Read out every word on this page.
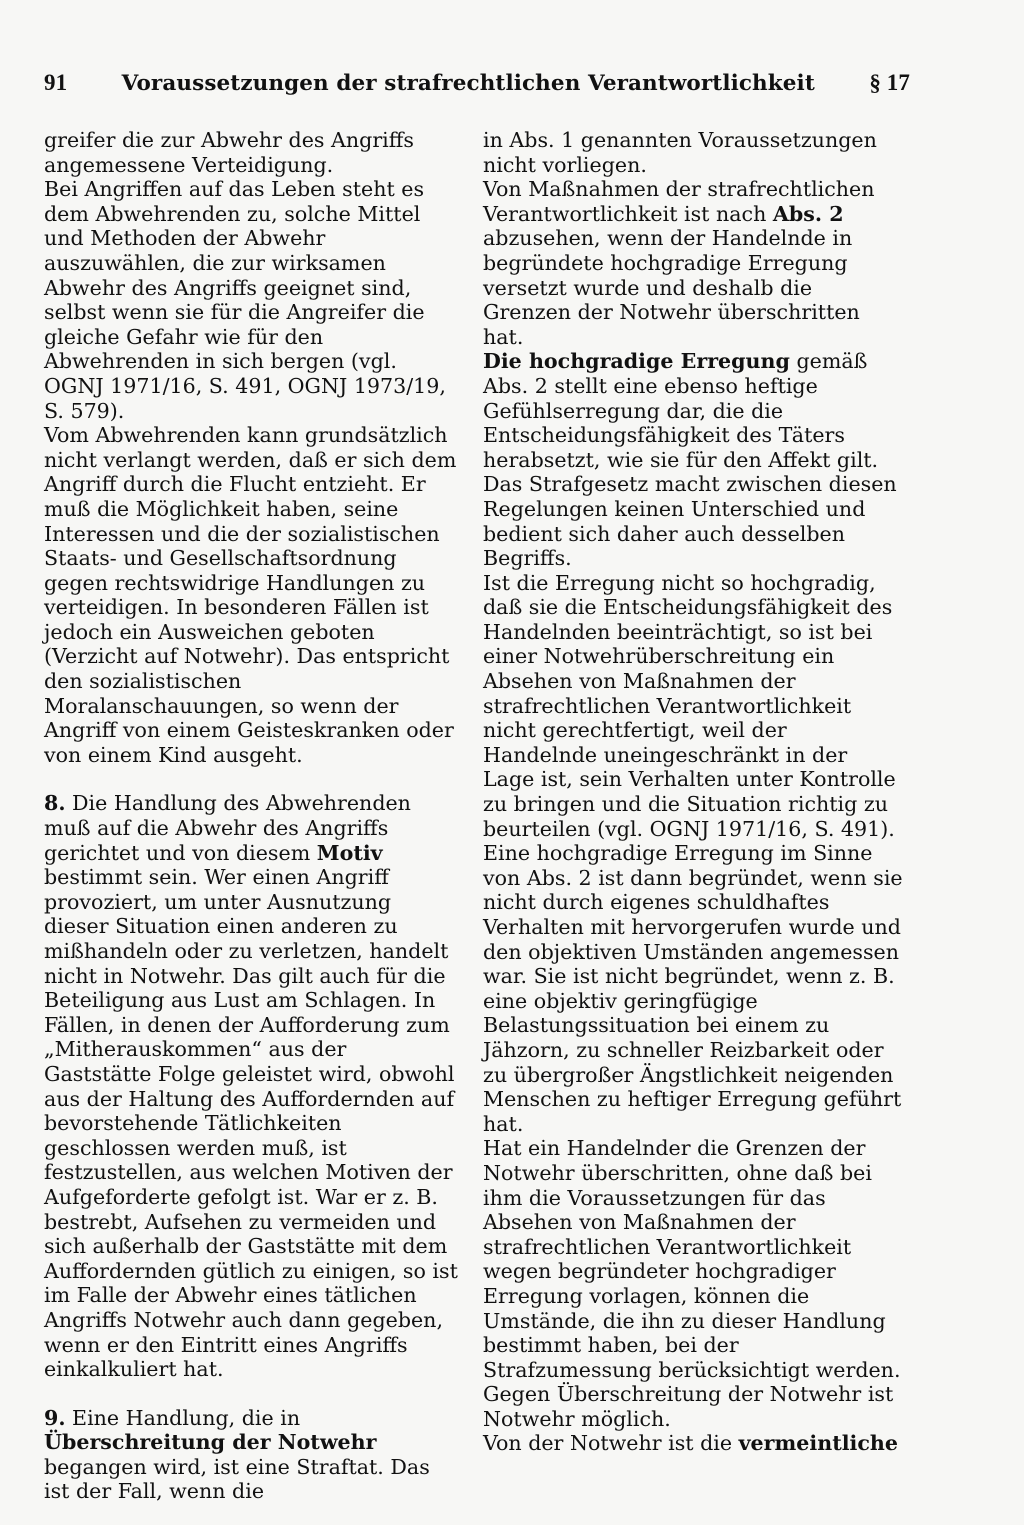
91	Voraussetzungen der strafrechtlichen Verantwortlichkeit § 17

greifer die zur Abwehr des Angriffs angemessene Verteidigung.

Bei Angriffen auf das Leben steht es dem Abwehrenden zu, solche Mittel und Methoden der Abwehr auszuwählen, die zur wirksamen Abwehr des Angriffs geeignet sind, selbst wenn sie für die Angreifer die gleiche Gefahr wie für den Abwehrenden in sich bergen (vgl. OGNJ 1971/16, S. 491, OGNJ 1973/19, S. 579).

Vom Abwehrenden kann grundsätzlich nicht verlangt werden, daß er sich dem Angriff durch die Flucht entzieht. Er muß die Möglichkeit haben, seine Interessen und die der sozialistischen Staats- und Gesellschaftsordnung gegen rechtswidrige Handlungen zu verteidigen. In besonderen Fällen ist jedoch ein Ausweichen geboten (Verzicht auf Notwehr). Das entspricht den sozialistischen Moralanschauungen, so wenn der Angriff von einem Geisteskranken oder von einem Kind ausgeht.

8. Die Handlung des Abwehrenden muß auf die Abwehr des Angriffs gerichtet und von diesem Motiv bestimmt sein. Wer einen Angriff provoziert, um unter Ausnutzung dieser Situation einen anderen zu mißhandeln oder zu verletzen, handelt nicht in Notwehr. Das gilt auch für die Beteiligung aus Lust am Schlagen. In Fällen, in denen der Aufforderung zum „Mitherauskommen“ aus der Gaststätte Folge geleistet wird, obwohl aus der Haltung des Auffordernden auf bevorstehende Tätlichkeiten geschlossen werden muß, ist festzustellen, aus welchen Motiven der Aufgeforderte gefolgt ist. War er z. B. bestrebt, Aufsehen zu vermeiden und sich außerhalb der Gaststätte mit dem Auffordernden gütlich zu einigen, so ist im Falle der Abwehr eines tätlichen Angriffs Notwehr auch dann gegeben, wenn er den Eintritt eines Angriffs einkalkuliert hat.

9. Eine Handlung, die in Überschreitung der Notwehr begangen wird, ist eine Straftat. Das ist der Fall, wenn die

in Abs. 1 genannten Voraussetzungen nicht vorliegen.

Von Maßnahmen der strafrechtlichen Verantwortlichkeit ist nach Abs. 2 abzusehen, wenn der Handelnde in begründete hochgradige Erregung versetzt wurde und deshalb die Grenzen der Notwehr überschritten hat.

Die hochgradige Erregung gemäß Abs. 2 stellt eine ebenso heftige Gefühlserregung dar, die die Entscheidungsfähigkeit des Täters herabsetzt, wie sie für den Affekt gilt. Das Strafgesetz macht zwischen diesen Regelungen keinen Unterschied und bedient sich daher auch desselben Begriffs.

Ist die Erregung nicht so hochgradig, daß sie die Entscheidungsfähigkeit des Handelnden beeinträchtigt, so ist bei einer Notwehrüberschreitung ein Absehen von Maßnahmen der strafrechtlichen Verantwortlichkeit nicht gerechtfertigt, weil der Handelnde uneingeschränkt in der Lage ist, sein Verhalten unter Kontrolle zu bringen und die Situation richtig zu beurteilen (vgl. OGNJ 1971/16, S. 491).

Eine hochgradige Erregung im Sinne von Abs. 2 ist dann begründet, wenn sie nicht durch eigenes schuldhaftes Verhalten mit hervorgerufen wurde und den objektiven Umständen angemessen war. Sie ist nicht begründet, wenn z. B. eine objektiv geringfügige Belastungssituation bei einem zu Jähzorn, zu schneller Reizbarkeit oder zu übergroßer Ängstlichkeit neigenden Menschen zu heftiger Erregung geführt hat.

Hat ein Handelnder die Grenzen der Notwehr überschritten, ohne daß bei ihm die Voraussetzungen für das Absehen von Maßnahmen der strafrechtlichen Verantwortlichkeit wegen begründeter hochgradiger Erregung vorlagen, können die Umstände, die ihn zu dieser Handlung bestimmt haben, bei der Strafzumessung berücksichtigt werden.

Gegen Überschreitung der Notwehr ist Notwehr möglich.

Von der Notwehr ist die vermeintliche
